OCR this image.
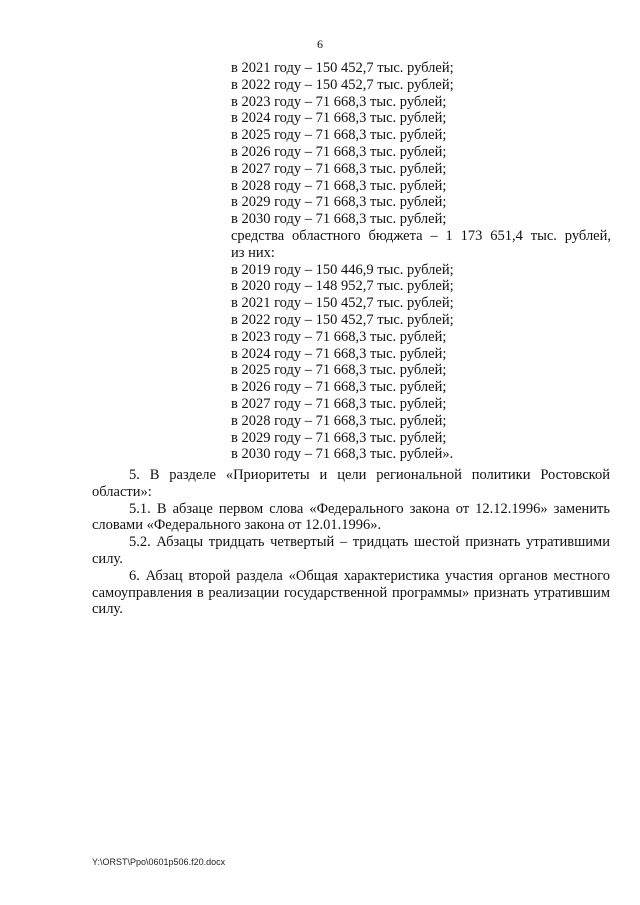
6
в 2021 году – 150 452,7 тыс. рублей;
в 2022 году – 150 452,7 тыс. рублей;
в 2023 году – 71 668,3 тыс. рублей;
в 2024 году – 71 668,3 тыс. рублей;
в 2025 году – 71 668,3 тыс. рублей;
в 2026 году – 71 668,3 тыс. рублей;
в 2027 году – 71 668,3 тыс. рублей;
в 2028 году – 71 668,3 тыс. рублей;
в 2029 году – 71 668,3 тыс. рублей;
в 2030 году – 71 668,3 тыс. рублей;
средства областного бюджета – 1 173 651,4 тыс. рублей,
из них:
в 2019 году – 150 446,9 тыс. рублей;
в 2020 году – 148 952,7 тыс. рублей;
в 2021 году – 150 452,7 тыс. рублей;
в 2022 году – 150 452,7 тыс. рублей;
в 2023 году – 71 668,3 тыс. рублей;
в 2024 году – 71 668,3 тыс. рублей;
в 2025 году – 71 668,3 тыс. рублей;
в 2026 году – 71 668,3 тыс. рублей;
в 2027 году – 71 668,3 тыс. рублей;
в 2028 году – 71 668,3 тыс. рублей;
в 2029 году – 71 668,3 тыс. рублей;
в 2030 году – 71 668,3 тыс. рублей».

5. В разделе «Приоритеты и цели региональной политики Ростовской области»:

5.1. В абзаце первом слова «Федерального закона от 12.12.1996» заменить словами «Федерального закона от 12.01.1996».

5.2. Абзацы тридцать четвертый – тридцать шестой признать утратившими силу.

6. Абзац второй раздела «Общая характеристика участия органов местного самоуправления в реализации государственной программы» признать утратившим силу.

Y:\ORST\Ppo\0601p506.f20.docx
